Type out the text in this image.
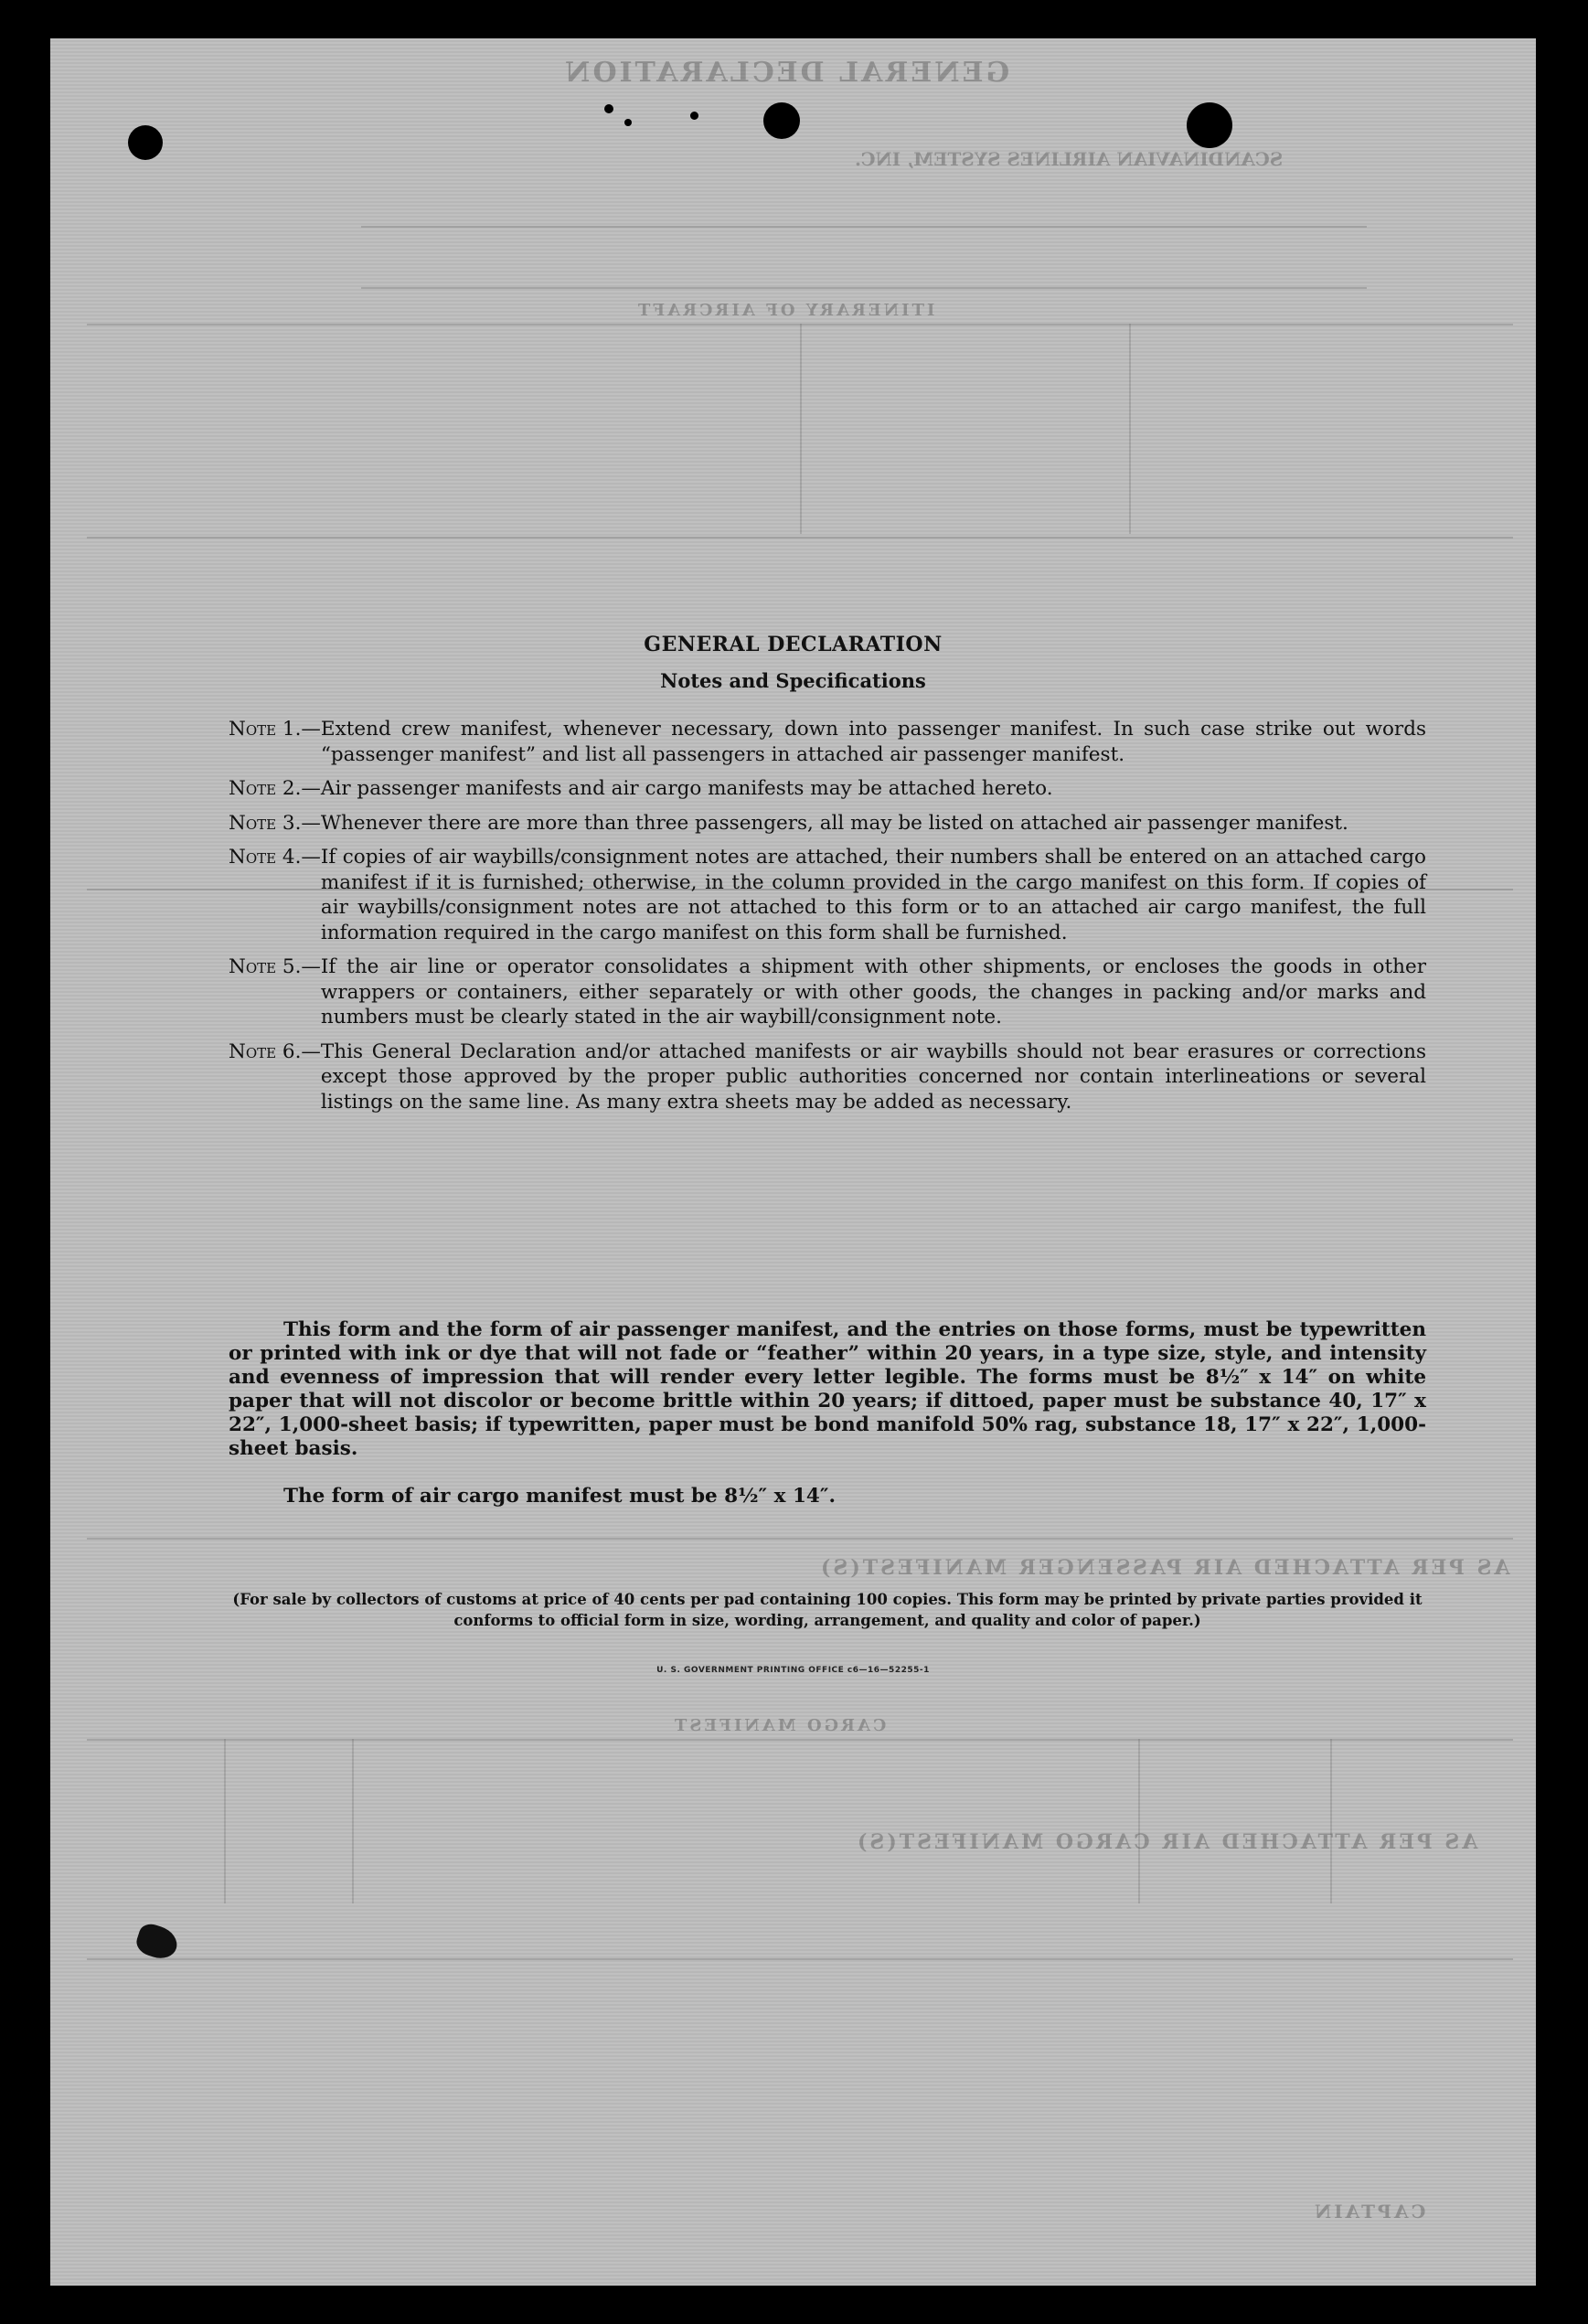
GENERAL DECLARATION
SCANDINAVIAN AIRLINES SYSTEM, INC.
ITINERARY OF AIRCRAFT
AS PER ATTACHED AIR PASSENGER MANIFEST(S)
CARGO MANIFEST
AS PER ATTACHED AIR CARGO MANIFEST(S)
CAPTAIN
GENERAL DECLARATION
Notes and Specifications
Note 1.— Extend crew manifest, whenever necessary, down into passenger manifest. In such case strike out words “passenger manifest” and list all passengers in attached air passenger manifest.
Note 2.— Air passenger manifests and air cargo manifests may be attached hereto.
Note 3.— Whenever there are more than three passengers, all may be listed on attached air passenger manifest.
Note 4.— If copies of air waybills/consignment notes are attached, their numbers shall be entered on an attached cargo manifest if it is furnished; otherwise, in the column provided in the cargo manifest on this form. If copies of air waybills/consignment notes are not attached to this form or to an attached air cargo manifest, the full information required in the cargo manifest on this form shall be furnished.
Note 5.— If the air line or operator consolidates a shipment with other shipments, or encloses the goods in other wrappers or containers, either separately or with other goods, the changes in packing and/or marks and numbers must be clearly stated in the air waybill/consignment note.
Note 6.— This General Declaration and/or attached manifests or air waybills should not bear erasures or corrections except those approved by the proper public authorities concerned nor contain interlineations or several listings on the same line. As many extra sheets may be added as necessary.
This form and the form of air passenger manifest, and the entries on those forms, must be typewritten or printed with ink or dye that will not fade or “feather” within 20 years, in a type size, style, and intensity and evenness of impression that will render every letter legible. The forms must be 8½″ x 14″ on white paper that will not discolor or become brittle within 20 years; if dittoed, paper must be substance 40, 17″ x 22″, 1,000-sheet basis; if typewritten, paper must be bond manifold 50% rag, substance 18, 17″ x 22″, 1,000-sheet basis.
The form of air cargo manifest must be 8½″ x 14″.
(For sale by collectors of customs at price of 40 cents per pad containing 100 copies. This form may be printed by private parties provided it conforms to official form in size, wording, arrangement, and quality and color of paper.)
U. S. GOVERNMENT PRINTING OFFICE c6—16—52255-1
